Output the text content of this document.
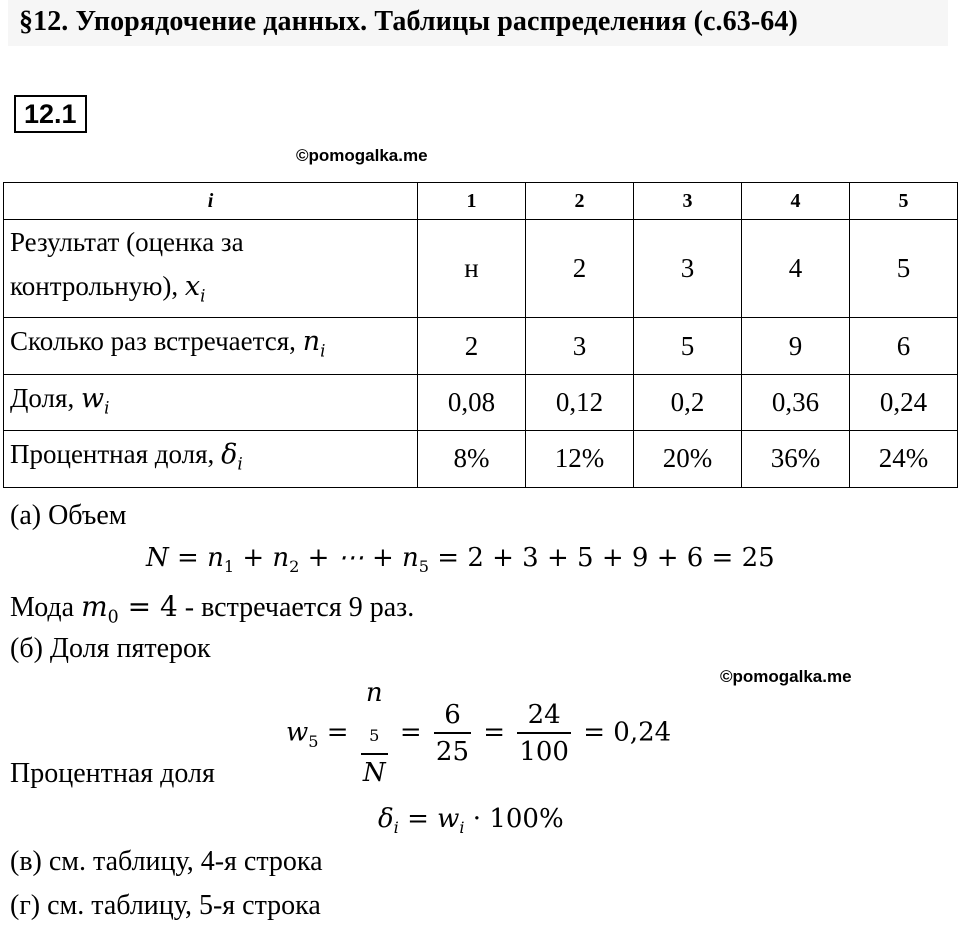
§12. Упорядочение данных. Таблицы распределения (с.63-64)
12.1
©pomogalka.me
i	1	2	3	4	5
Результат (оценка за
контрольную), $x_i$	н	2	3	4	5
Сколько раз встречается, $n_i$	2	3	5	9	6
Доля, $w_i$	0,08	0,12	0,2	0,36	0,24
Процентная доля, $\delta_i$	8%	12%	20%	36%	24%
(а) Объем
$N = n_1 + n_2$ + ⋯ + $n_5 = 2 + 3 + 5 + 9 + 6 = 25$
Мода $m_0 = 4$ - встречается 9 раз.
(б) Доля пятерок
©pomogalka.me
$w_5 = n$
$_5$
$N = \frac{6}{25} = \frac{24}{100} = 0,24$
Процентная доля
$\delta_i = w_i \cdot 100\%$
(в) см. таблицу, 4-я строка
(г) см. таблицу, 5-я строка
